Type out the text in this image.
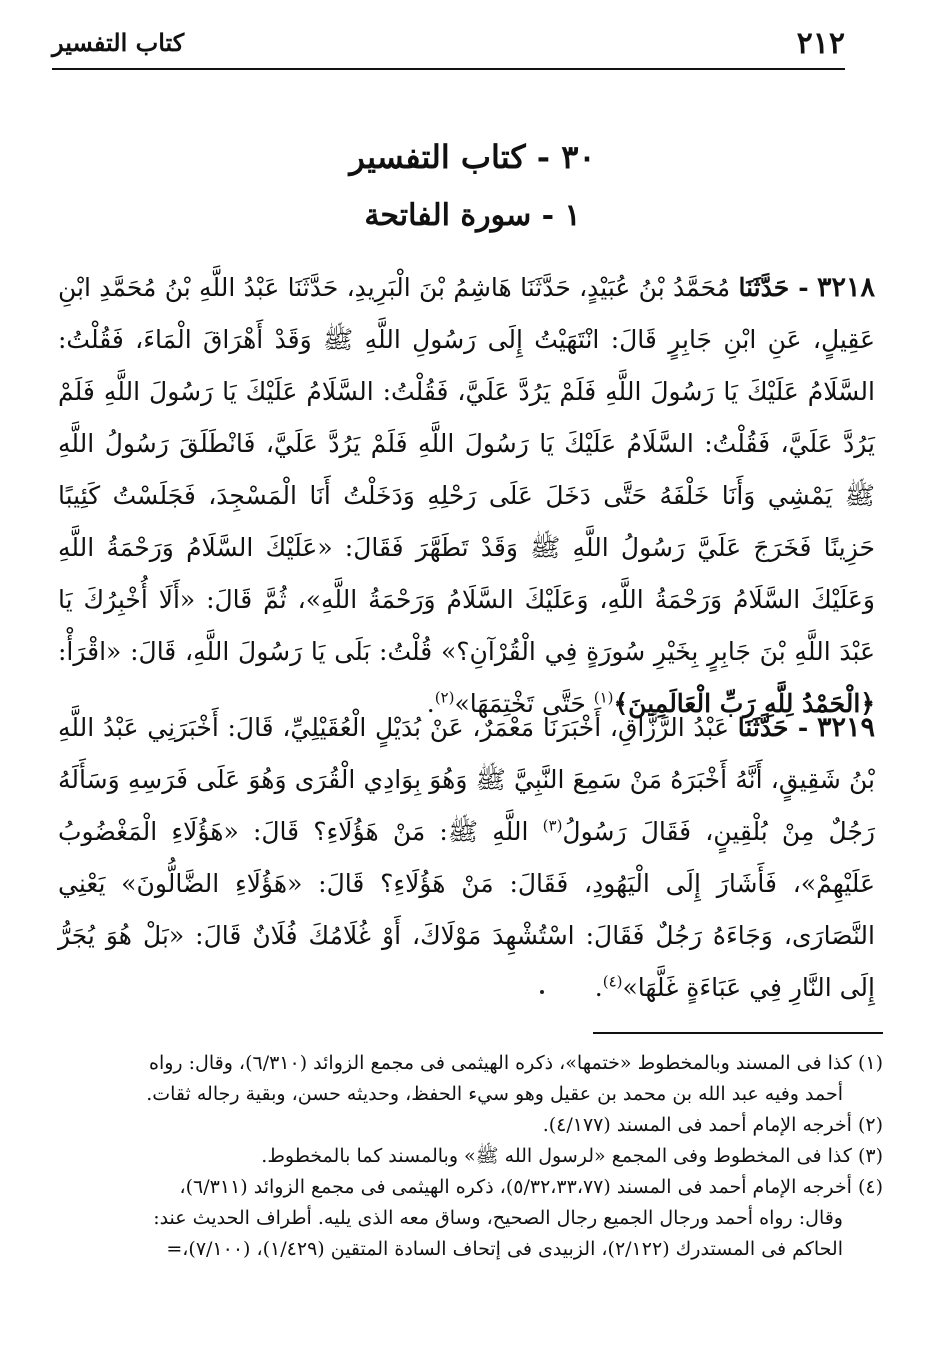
٢١٢
كتاب التفسير
٣٠ - كتاب التفسير
١ - سورة الفاتحة
٣٢١٨ - حَدَّثَنَا مُحَمَّدُ بْنُ عُبَيْدٍ، حَدَّثَنَا هَاشِمُ بْنَ الْبَرِيدِ، حَدَّثَنَا عَبْدُ اللَّهِ بْنُ مُحَمَّدِ ابْنِ عَقِيلٍ، عَنِ ابْنِ جَابِرٍ قَالَ: انْتَهَيْتُ إِلَى رَسُولِ اللَّهِ ﷺ وَقَدْ أَهْرَاقَ الْمَاءَ، فَقُلْتُ: السَّلَامُ عَلَيْكَ يَا رَسُولَ اللَّهِ فَلَمْ يَرُدَّ عَلَيَّ، فَقُلْتُ: السَّلَامُ عَلَيْكَ يَا رَسُولَ اللَّهِ فَلَمْ يَرُدَّ عَلَيَّ، فَقُلْتُ: السَّلَامُ عَلَيْكَ يَا رَسُولَ اللَّهِ فَلَمْ يَرُدَّ عَلَيَّ، فَانْطَلَقَ رَسُولُ اللَّهِ ﷺ يَمْشِي وَأَنَا خَلْفَهُ حَتَّى دَخَلَ عَلَى رَحْلِهِ وَدَخَلْتُ أَنَا الْمَسْجِدَ، فَجَلَسْتُ كَئِيبًا حَزِينًا فَخَرَجَ عَلَيَّ رَسُولُ اللَّهِ ﷺ وَقَدْ تَطَهَّرَ فَقَالَ: «عَلَيْكَ السَّلَامُ وَرَحْمَةُ اللَّهِ وَعَلَيْكَ السَّلَامُ وَرَحْمَةُ اللَّهِ، وَعَلَيْكَ السَّلَامُ وَرَحْمَةُ اللَّهِ»، ثُمَّ قَالَ: «أَلَا أُخْبِرُكَ يَا عَبْدَ اللَّهِ بْنَ جَابِرٍ بِخَيْرِ سُورَةٍ فِي الْقُرْآنِ؟» قُلْتُ: بَلَى يَا رَسُولَ اللَّهِ، قَالَ: «اقْرَأْ: ﴿الْحَمْدُ لِلَّهِ رَبِّ الْعَالَمِينَ﴾$^{(١)}$ حَتَّى تَخْتِمَهَا»$^{(٢)}$.
٣٢١٩ - حَدَّثَنَا عَبْدُ الرَّزَّاقِ، أَخْبَرَنَا مَعْمَرٌ، عَنْ بُدَيْلٍ الْعُقَيْلِيِّ، قَالَ: أَخْبَرَنِي عَبْدُ اللَّهِ بْنُ شَقِيقٍ، أَنَّهُ أَخْبَرَهُ مَنْ سَمِعَ النَّبِيَّ ﷺ وَهُوَ بِوَادِي الْقُرَى وَهُوَ عَلَى فَرَسِهِ وَسَأَلَهُ رَجُلٌ مِنْ بُلْقِينٍ، فَقَالَ رَسُولُ$^{(٣)}$ اللَّهِ ﷺ: مَنْ هَؤُلَاءِ؟ قَالَ: «هَؤُلَاءِ الْمَغْضُوبُ عَلَيْهِمْ»، فَأَشَارَ إِلَى الْيَهُودِ، فَقَالَ: مَنْ هَؤُلَاءِ؟ قَالَ: «هَؤُلَاءِ الضَّالُّونَ» يَعْنِي النَّصَارَى، وَجَاءَهُ رَجُلٌ فَقَالَ: اسْتُشْهِدَ مَوْلَاكَ، أَوْ غُلَامُكَ فُلَانٌ قَالَ: «بَلْ هُوَ يُجَرُّ إِلَى النَّارِ فِي عَبَاءَةٍ غَلَّهَا»$^{(٤)}$.

(١) كذا فى المسند وبالمخطوط «ختمها»، ذكره الهيثمى فى مجمع الزوائد (٦/٣١٠)، وقال: رواه
أحمد وفيه عبد الله بن محمد بن عقيل وهو سيء الحفظ، وحديثه حسن، وبقية رجاله ثقات.

(٢) أخرجه الإمام أحمد فى المسند (٤/١٧٧).

(٣) كذا فى المخطوط وفى المجمع «لرسول الله ﷺ» وبالمسند كما بالمخطوط.

(٤) أخرجه الإمام أحمد فى المسند (٥/٣٢،٣٣،٧٧)، ذكره الهيثمى فى مجمع الزوائد (٦/٣١١)،
وقال: رواه أحمد ورجال الجميع رجال الصحيح، وساق معه الذى يليه. أطراف الحديث عند:
الحاكم فى المستدرك (٢/١٢٢)، الزبيدى فى إتحاف السادة المتقين (١/٤٢٩)، (٧/١٠٠)،=
